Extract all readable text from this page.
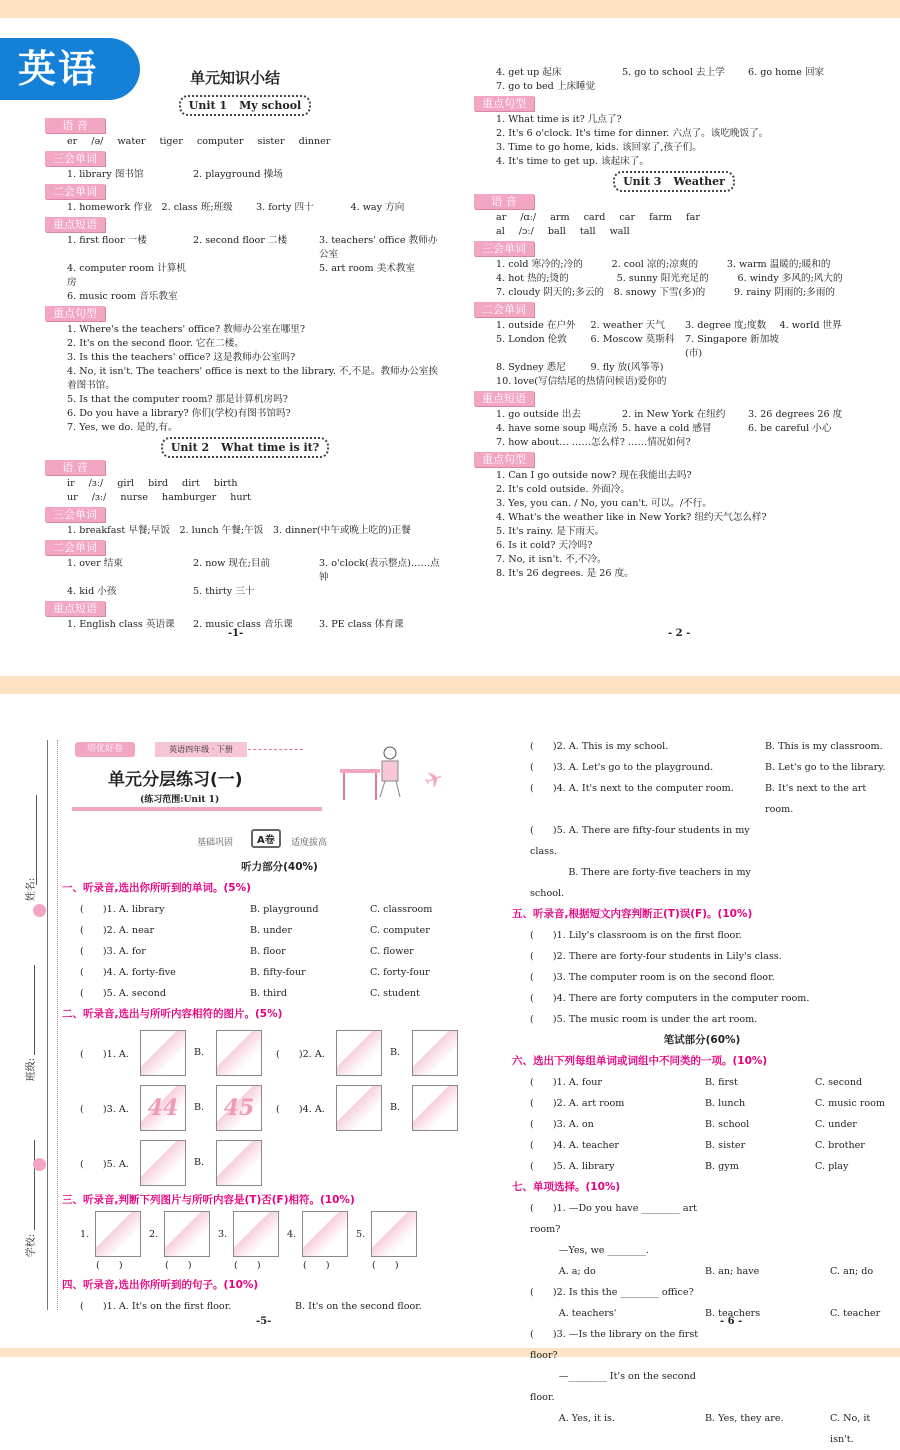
英语	单元知识小结
Unit 1 My school
语 音
er /ə/ water tiger computer sister dinner
三会单词
1. library 图书馆	2. playground 操场
二会单词
1. homework 作业 2. class 班;班级	3. forty 四十	4. way 方向
重点短语
1. first floor 一楼	2. second floor 二楼	3. teachers' office 教师办公室
4. computer room 计算机房
5. art room 美术教室
6. music room 音乐教室
重点句型
1. Where's the teachers' office? 教师办公室在哪里?
2. It's on the second floor. 它在二楼。
3. Is this the teachers' office? 这是教师办公室吗?
4. No, it isn't. The teachers' office is next to the library. 不,不是。教师办公室挨着图书馆。
5. Is that the computer room? 那是计算机房吗?
6. Do you have a library? 你们(学校)有图书馆吗?
7. Yes, we do. 是的,有。
Unit 2 What time is it?
语 音
ir /ɜː/ girl bird dirt birth
ur /ɜː/ nurse hamburger hurt
三会单词
1. breakfast 早餐;早饭　2. lunch 午餐;午饭　3. dinner(中午或晚上吃的)正餐
二会单词
1. over 结束	2. now 现在;目前	3. o'clock(表示整点)……点钟
4. kid 小孩	5. thirty 三十
重点短语
1. English class 英语课	2. music class 音乐课	3. PE class 体育课
-1-
4. get up 起床	5. go to school 去上学	6. go home 回家
7. go to bed 上床睡觉
重点句型
1. What time is it? 几点了?
2. It's 6 o'clock. It's time for dinner. 六点了。该吃晚饭了。
3. Time to go home, kids. 该回家了,孩子们。
4. It's time to get up. 该起床了。
Unit 3 Weather
语 音
ar /ɑː/ arm card car farm far
al /ɔː/ ball tall wall
三会单词
1. cold 寒冷的;冷的　　　2. cool 凉的;凉爽的　　　3. warm 温暖的;暖和的
4. hot 热的;烫的　　　　　5. sunny 阳光充足的　　　6. windy 多风的;风大的
7. cloudy 阴天的;多云的　8. snowy 下雪(多)的　　　9. rainy 阴雨的;多雨的
二会单词
1. outside 在户外	2. weather 天气	3. degree 度;度数	4. world 世界
5. London 伦敦	6. Moscow 莫斯科	7. Singapore 新加坡(市)
8. Sydney 悉尼	9. fly 放(风筝等)
10. love(写信结尾的热情问候语)爱你的
重点短语
1. go outside 出去	2. in New York 在纽约	3. 26 degrees 26 度
4. have some soup 喝点汤 5. have a cold 感冒	6. be careful 小心
7. how about… ……怎么样? ……情况如何?
重点句型
1. Can I go outside now? 现在我能出去吗?
2. It's cold outside. 外面冷。
3. Yes, you can. / No, you can't. 可以。/不行。
4. What's the weather like in New York? 纽约天气怎么样?
5. It's rainy. 是下雨天。
6. Is it cold? 天冷吗?
7. No, it isn't. 不,不冷。
8. It's 26 degrees. 是 26 度。
- 2 -
姓名:
班级:
学校:
培优好卷	英语四年级 · 下册
单元分层练习(一)
(练习范围:Unit 1)
✈
基础巩固	A卷	适度拔高
听力部分(40%)
一、听录音,选出你所听到的单词。(5%)
(　　)1. A. library	B. playground	C. classroom
(　　)2. A. near	B. under	C. computer
(　　)3. A. for	B. floor	C. flower
(　　)4. A. forty-five	B. fifty-four	C. forty-four
(　　)5. A. second	B. third	C. student
二、听录音,选出与所听内容相符的图片。(5%)
(　　)1. A.	B.	(　　)2. A.	B.
(　　)3. A. 44	B. 45	(　　)4. A.	B.
(　　)5. A.	B.
三、听录音,判断下列图片与所听内容是(T)否(F)相符。(10%)
1.
(　　)
2.
(　　)
3.
(　　)
4.
(　　)
5.
(　　)
四、听录音,选出你所听到的句子。(10%)
(　　)1. A. It's on the first floor.	B. It's on the second floor.
-5-
(　　)2. A. This is my school.	B. This is my classroom.
(　　)3. A. Let's go to the playground.	B. Let's go to the library.
(　　)4. A. It's next to the computer room.	B. It's next to the art room.
(　　)5. A. There are fifty-four students in my class.
　　　　B. There are forty-five teachers in my school.
五、听录音,根据短文内容判断正(T)误(F)。(10%)
(　　)1. Lily's classroom is on the first floor.
(　　)2. There are forty-four students in Lily's class.
(　　)3. The computer room is on the second floor.
(　　)4. There are forty computers in the computer room.
(　　)5. The music room is under the art room.
笔试部分(60%)
六、选出下列每组单词或词组中不同类的一项。(10%)
(　　)1. A. four	B. first	C. second
(　　)2. A. art room	B. lunch	C. music room
(　　)3. A. on	B. school	C. under
(　　)4. A. teacher	B. sister	C. brother
(　　)5. A. library	B. gym	C. play
七、单项选择。(10%)
(　　)1. —Do you have ________ art room?
　　　—Yes, we ________.
　　　A. a; do	B. an; have	C. an; do
(　　)2. Is this the ________ office?
　　　A. teachers'	B. teachers	C. teacher
(　　)3. —Is the library on the first floor?
　　　—________ It's on the second floor.
　　　A. Yes, it is.	B. Yes, they are.	C. No, it isn't.
- 6 -
